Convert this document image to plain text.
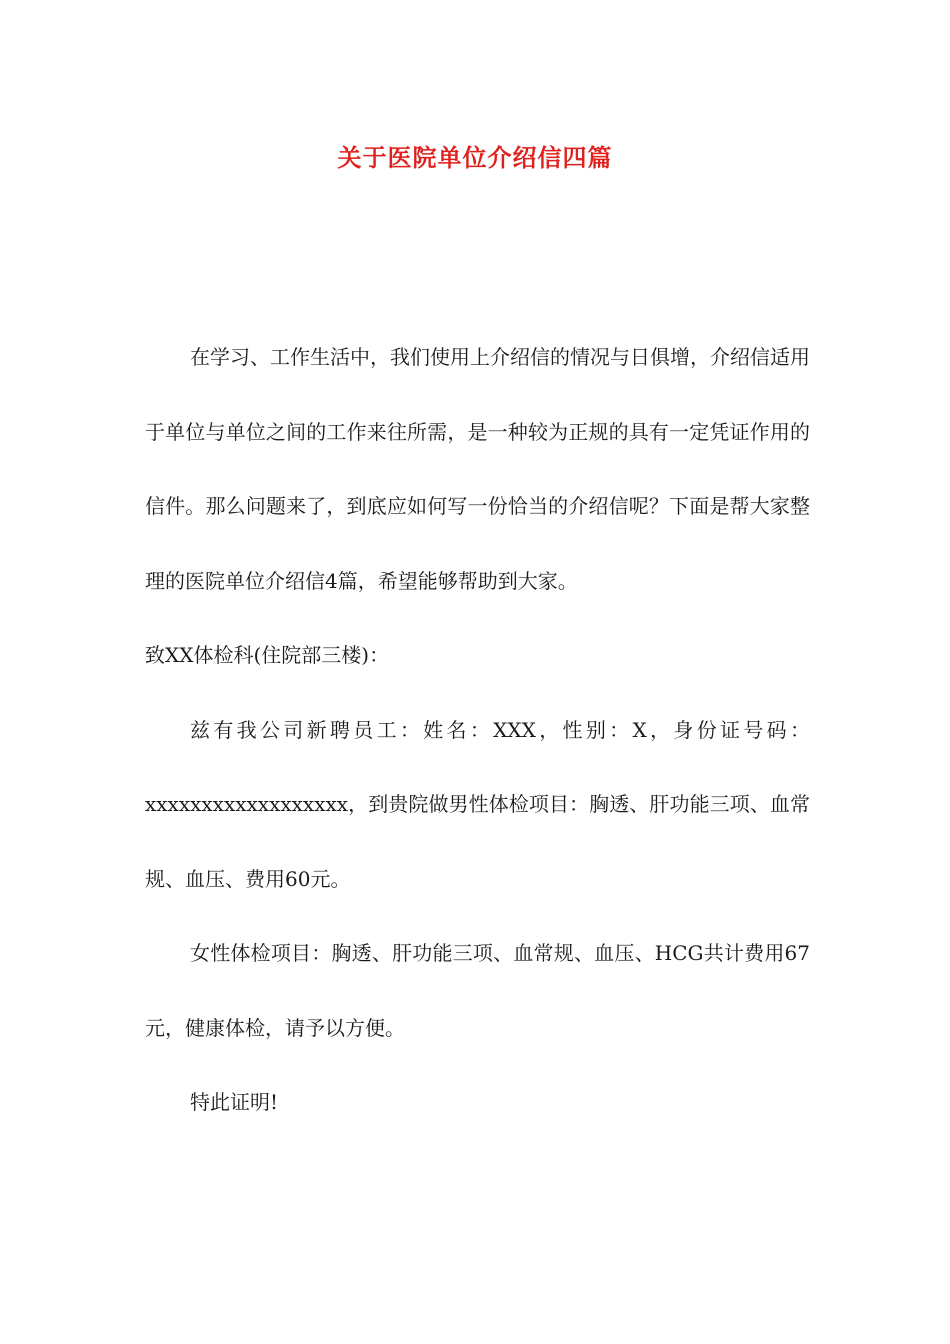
关于医院单位介绍信四篇

在学习、工作生活中，我们使用上介绍信的情况与日俱增，介绍信适用于单位与单位之间的工作来往所需，是一种较为正规的具有一定凭证作用的信件。那么问题来了，到底应如何写一份恰当的介绍信呢？下面是帮大家整理的医院单位介绍信4篇，希望能够帮助到大家。

致XX体检科(住院部三楼)：

兹有我公司新聘员工：姓名：XXX，性别：X，身份证号码：xxxxxxxxxxxxxxxxxx，到贵院做男性体检项目：胸透、肝功能三项、血常规、血压、费用60元。

女性体检项目：胸透、肝功能三项、血常规、血压、HCG共计费用67元，健康体检，请予以方便。

特此证明!
